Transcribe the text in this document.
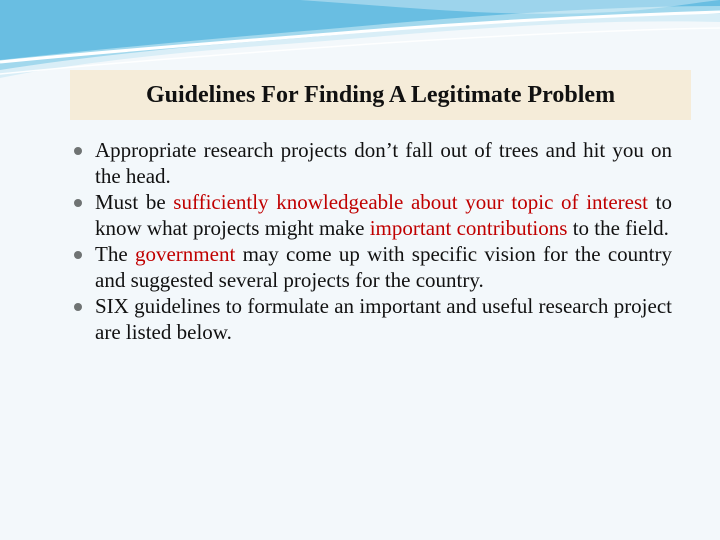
Guidelines For Finding A Legitimate Problem
Appropriate research projects don’t fall out of trees and hit you on the head.
Must be sufficiently knowledgeable about your topic of interest to know what projects might make important contributions to the field.
The government may come up with specific vision for the country and suggested several projects for the country.
SIX guidelines to formulate an important and useful research project are listed below.
